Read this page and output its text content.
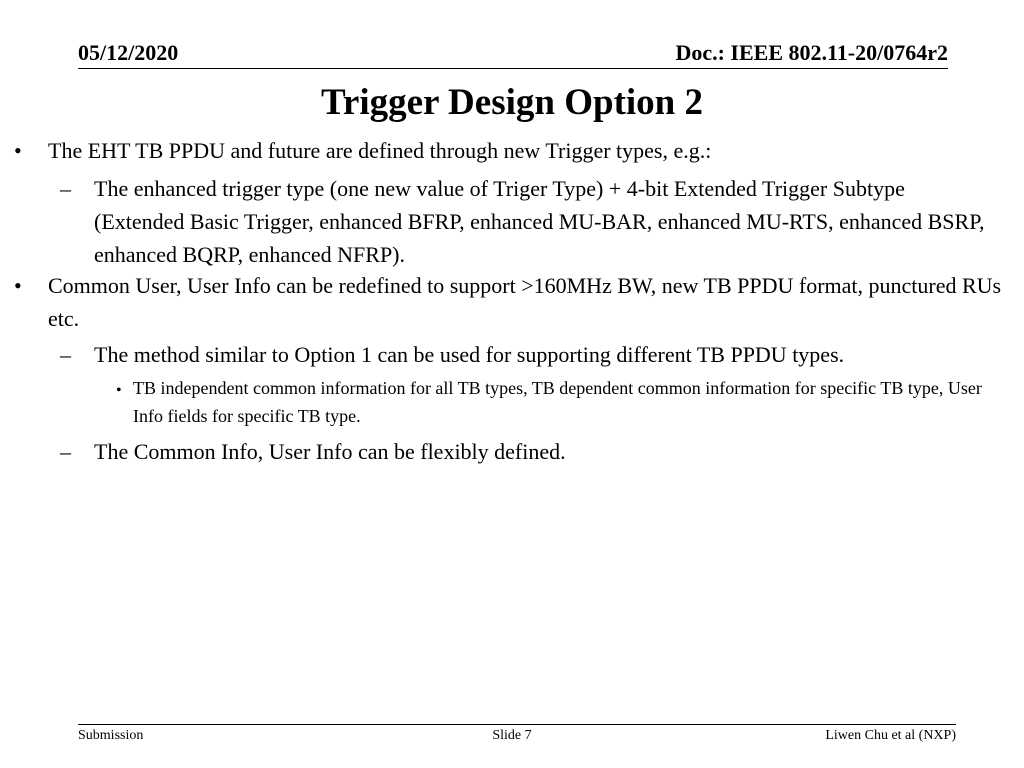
05/12/2020	Doc.: IEEE 802.11-20/0764r2
Trigger Design Option 2
• The EHT TB PPDU and future are defined through new Trigger types, e.g.:
– The enhanced trigger type (one new value of Triger Type) + 4-bit Extended Trigger Subtype (Extended Basic Trigger, enhanced BFRP, enhanced MU-BAR, enhanced MU-RTS, enhanced BSRP, enhanced BQRP, enhanced NFRP).
• Common User, User Info can be redefined to support >160MHz BW, new TB PPDU format, punctured RUs etc.
– The method similar to Option 1 can be used for supporting different TB PPDU types.
• TB independent common information for all TB types, TB dependent common information for specific TB type, User Info fields for specific TB type.
– The Common Info, User Info can be flexibly defined.
Submission	Slide 7	Liwen Chu et al (NXP)
